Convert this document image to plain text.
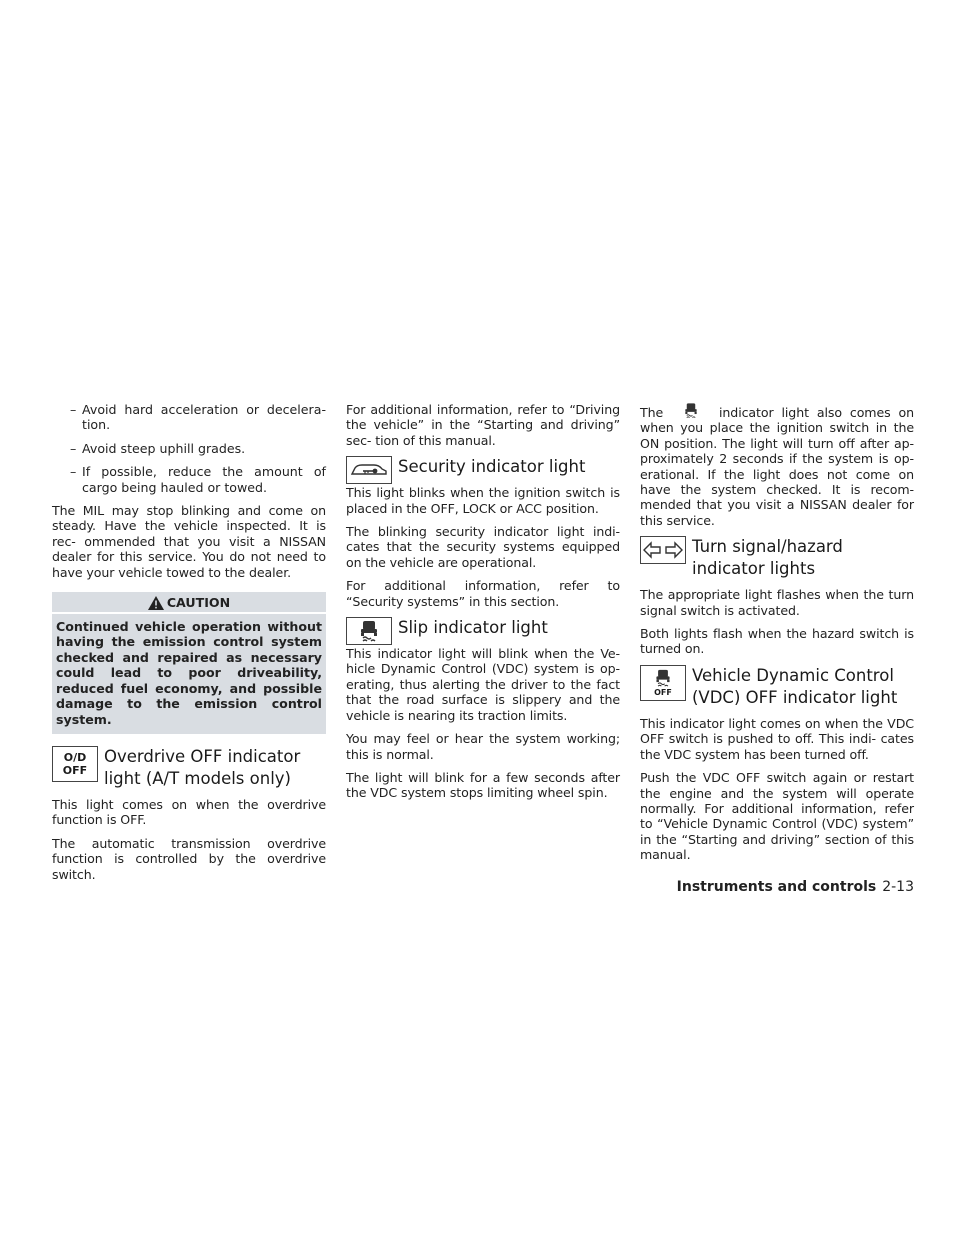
– Avoid hard acceleration or decelera- tion.
– Avoid steep uphill grades.
– If possible, reduce the amount of cargo being hauled or towed.

The MIL may stop blinking and come on steady. Have the vehicle inspected. It is rec- ommended that you visit a NISSAN dealer for this service. You do not need to have your vehicle towed to the dealer.

CAUTION
Continued vehicle operation without having the emission control system checked and repaired as necessary could lead to poor driveability, reduced fuel economy, and possible damage to the emission control system.
O/D
OFF
Overdrive OFF indicator light (A/T models only)

This light comes on when the overdrive function is OFF.

The automatic transmission overdrive function is controlled by the overdrive switch.

For additional information, refer to “Driving the vehicle” in the “Starting and driving” sec- tion of this manual.

Security indicator light

This light blinks when the ignition switch is placed in the OFF, LOCK or ACC position.

The blinking security indicator light indi- cates that the security systems equipped on the vehicle are operational.

For additional information, refer to “Security systems” in this section.

Slip indicator light

This indicator light will blink when the Ve- hicle Dynamic Control (VDC) system is op- erating, thus alerting the driver to the fact that the road surface is slippery and the vehicle is nearing its traction limits.

You may feel or hear the system working; this is normal.

The light will blink for a few seconds after the VDC system stops limiting wheel spin.

The	indicator light also comes on when you place the ignition switch in the ON position. The light will turn off after ap- proximately 2 seconds if the system is op- erational. If the light does not come on have the system checked. It is recom- mended that you visit a NISSAN dealer for this service.

Turn signal/hazard indicator lights

The appropriate light flashes when the turn signal switch is activated.

Both lights flash when the hazard switch is turned on.

OFF
Vehicle Dynamic Control (VDC) OFF indicator light

This indicator light comes on when the VDC OFF switch is pushed to off. This indi- cates the VDC system has been turned off.

Push the VDC OFF switch again or restart the engine and the system will operate normally. For additional information, refer to “Vehicle Dynamic Control (VDC) system” in the “Starting and driving” section of this manual.

Instruments and controls 2-13
